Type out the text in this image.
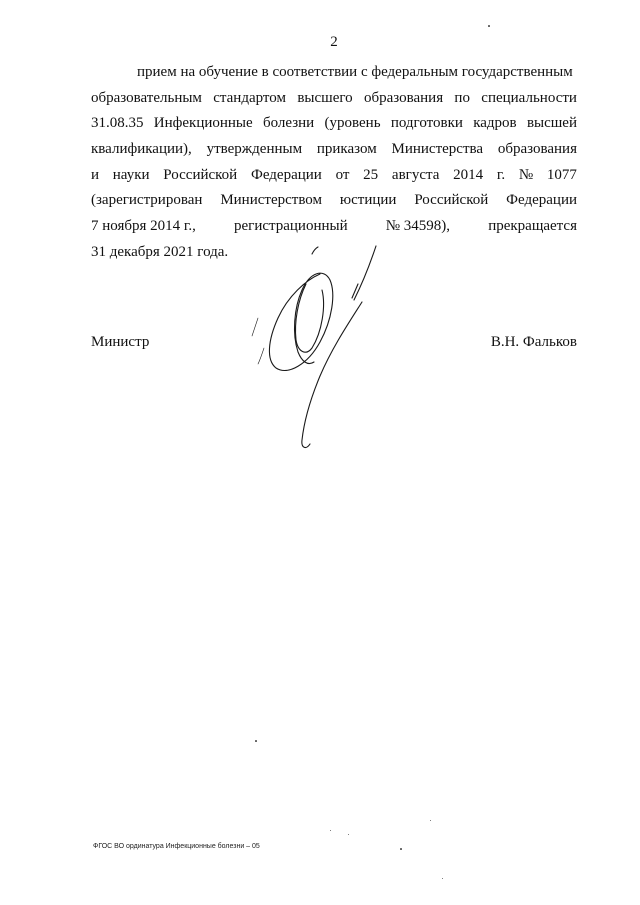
2
прием на обучение в соответствии с федеральным государственным
образовательным стандартом высшего образования по специальности
31.08.35 Инфекционные болезни (уровень подготовки кадров высшей
квалификации), утвержденным приказом Министерства образования
и науки Российской Федерации от 25 августа 2014 г. № 1077
(зарегистрирован Министерством юстиции Российской Федерации
7 ноября 2014 г.,	регистрационный	№ 34598),	прекращается
31 декабря 2021 года.
Министр	В.Н. Фальков
ФГОС ВО ординатура Инфекционные болезни – 05
